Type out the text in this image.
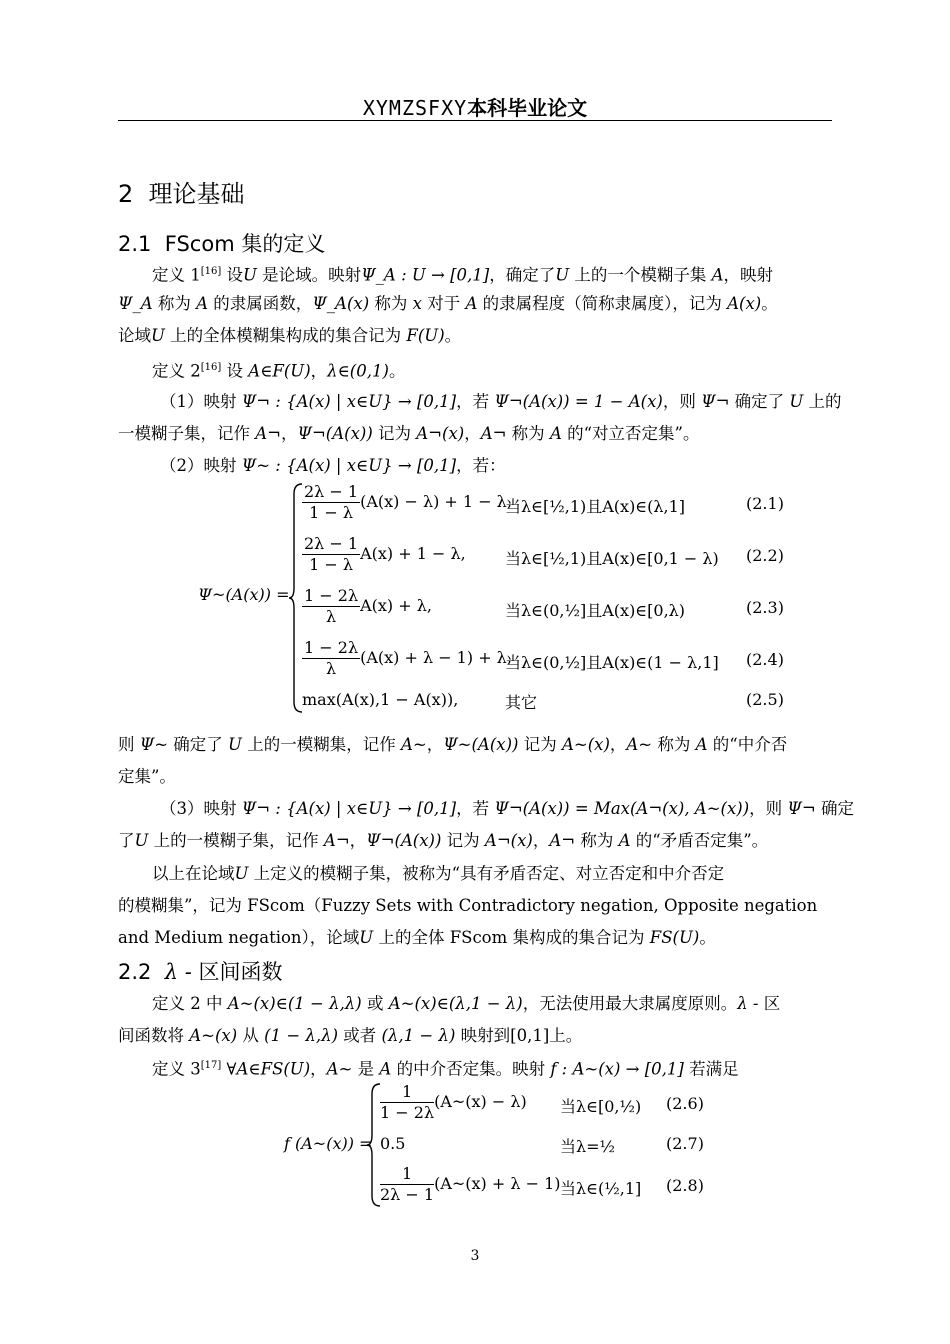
XYMZSFXY本科毕业论文
2 理论基础
2.1 FScom 集的定义
定义 1[16] 设U 是论域。映射Ψ_A : U → [0,1]，确定了U 上的一个模糊子集 A，映射
Ψ_A 称为 A 的隶属函数，Ψ_A(x) 称为 x 对于 A 的隶属程度（简称隶属度），记为 A(x)。
论域U 上的全体模糊集构成的集合记为 F(U)。
定义 2[16] 设 A∈F(U)，λ∈(0,1)。
（1）映射 Ψ¬ : {A(x) | x∈U} → [0,1]，若 Ψ¬(A(x)) = 1 − A(x)，则 Ψ¬ 确定了 U 上的
一模糊子集，记作 A¬，Ψ¬(A(x)) 记为 A¬(x)，A¬ 称为 A 的“对立否定集”。
（2）映射 Ψ~ : {A(x) | x∈U} → [0,1]，若：
Ψ~(A(x)) =
$\frac{2\lambda - 1}{1 - \lambda} (A(x) - \lambda) + 1 - \lambda$,
当λ∈[½,1)且A(x)∈(λ,1]	(2.1)
$\frac{2\lambda - 1}{1 - \lambda} A(x) + 1 - \lambda$, 当λ∈[½,1)且A(x)∈[0,1 − λ) (2.2)
$\frac{1 - 2\lambda}{\lambda} A(x) + \lambda$,	当λ∈(0,½]且A(x)∈[0,λ)	(2.3)
$\frac{1 - 2\lambda}{\lambda} (A(x) + \lambda - 1) + \lambda$,
当λ∈(0,½]且A(x)∈(1 − λ,1] (2.4)
max(A(x),1 − A(x)),	其它	(2.5)
则 Ψ~ 确定了 U 上的一模糊集，记作 A~，Ψ~(A(x)) 记为 A~(x)，A~ 称为 A 的“中介否
定集”。
（3）映射 Ψ¬ : {A(x) | x∈U} → [0,1]，若 Ψ¬(A(x)) = Max(A¬(x), A~(x))，则 Ψ¬ 确定
了U 上的一模糊子集，记作 A¬，Ψ¬(A(x)) 记为 A¬(x)，A¬ 称为 A 的“矛盾否定集”。
以上在论域U 上定义的模糊子集，被称为“具有矛盾否定、对立否定和中介否定
的模糊集”，记为 FScom（Fuzzy Sets with Contradictory negation, Opposite negation
and Medium negation），论域U 上的全体 FScom 集构成的集合记为 FS(U)。
2.2 λ - 区间函数
定义 2 中 A~(x)∈(1 − λ,λ) 或 A~(x)∈(λ,1 − λ)，无法使用最大隶属度原则。λ - 区
间函数将 A~(x) 从 (1 − λ,λ) 或者 (λ,1 − λ) 映射到[0,1]上。
定义 3[17] ∀A∈FS(U)，A~ 是 A 的中介否定集。映射 f : A~(x) → [0,1] 若满足
f (A~(x)) =
$\frac{1}{1 - 2\lambda}$ (A~(x) − λ) 当λ∈[0,½) (2.6)
0.5	当λ=½	(2.7)
$\frac{1}{2\lambda - 1}$ (A~(x) + λ − 1) 当λ∈(½,1] (2.8)
3
